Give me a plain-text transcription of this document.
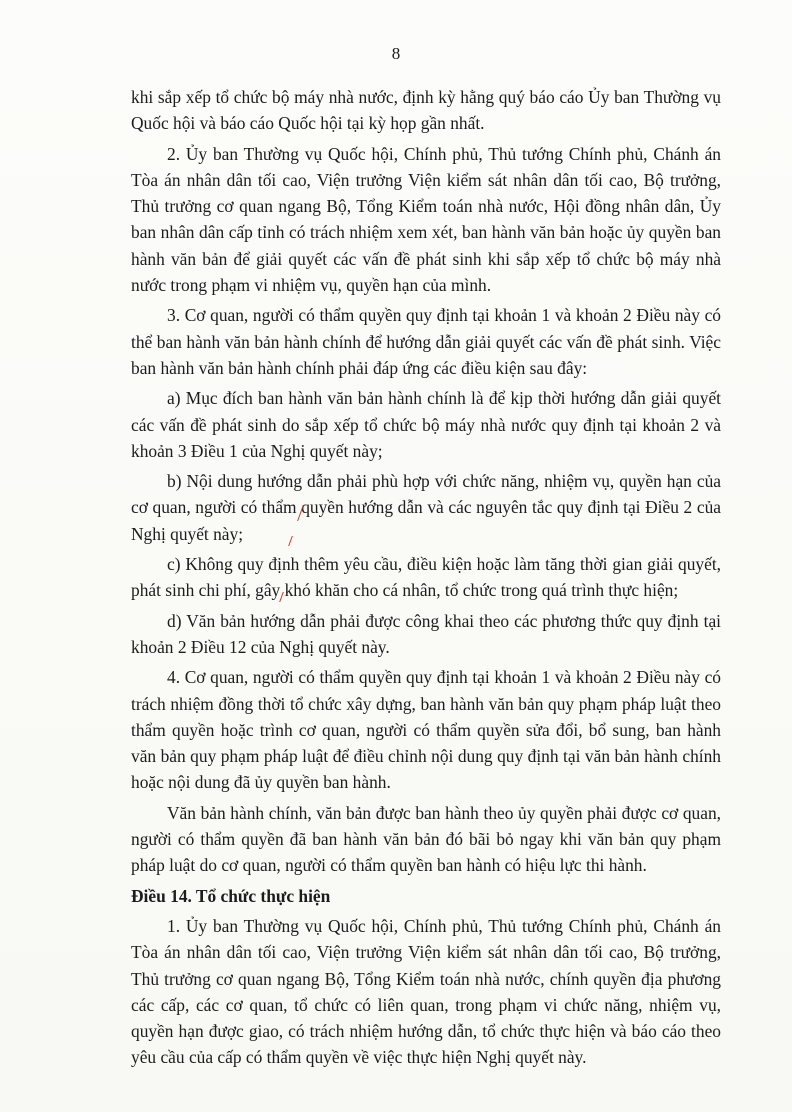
8

khi sắp xếp tổ chức bộ máy nhà nước, định kỳ hằng quý báo cáo Ủy ban Thường vụ Quốc hội và báo cáo Quốc hội tại kỳ họp gần nhất.

2. Ủy ban Thường vụ Quốc hội, Chính phủ, Thủ tướng Chính phủ, Chánh án Tòa án nhân dân tối cao, Viện trưởng Viện kiểm sát nhân dân tối cao, Bộ trưởng, Thủ trưởng cơ quan ngang Bộ, Tổng Kiểm toán nhà nước, Hội đồng nhân dân, Ủy ban nhân dân cấp tỉnh có trách nhiệm xem xét, ban hành văn bản hoặc ủy quyền ban hành văn bản để giải quyết các vấn đề phát sinh khi sắp xếp tổ chức bộ máy nhà nước trong phạm vi nhiệm vụ, quyền hạn của mình.

3. Cơ quan, người có thẩm quyền quy định tại khoản 1 và khoản 2 Điều này có thể ban hành văn bản hành chính để hướng dẫn giải quyết các vấn đề phát sinh. Việc ban hành văn bản hành chính phải đáp ứng các điều kiện sau đây:

a) Mục đích ban hành văn bản hành chính là để kịp thời hướng dẫn giải quyết các vấn đề phát sinh do sắp xếp tổ chức bộ máy nhà nước quy định tại khoản 2 và khoản 3 Điều 1 của Nghị quyết này;

b) Nội dung hướng dẫn phải phù hợp với chức năng, nhiệm vụ, quyền hạn của cơ quan, người có thẩm quyền hướng dẫn và các nguyên tắc quy định tại Điều 2 của Nghị quyết này;

c) Không quy định thêm yêu cầu, điều kiện hoặc làm tăng thời gian giải quyết, phát sinh chi phí, gây khó khăn cho cá nhân, tổ chức trong quá trình thực hiện;

d) Văn bản hướng dẫn phải được công khai theo các phương thức quy định tại khoản 2 Điều 12 của Nghị quyết này.

4. Cơ quan, người có thẩm quyền quy định tại khoản 1 và khoản 2 Điều này có trách nhiệm đồng thời tổ chức xây dựng, ban hành văn bản quy phạm pháp luật theo thẩm quyền hoặc trình cơ quan, người có thẩm quyền sửa đổi, bổ sung, ban hành văn bản quy phạm pháp luật để điều chỉnh nội dung quy định tại văn bản hành chính hoặc nội dung đã ủy quyền ban hành.

Văn bản hành chính, văn bản được ban hành theo ủy quyền phải được cơ quan, người có thẩm quyền đã ban hành văn bản đó bãi bỏ ngay khi văn bản quy phạm pháp luật do cơ quan, người có thẩm quyền ban hành có hiệu lực thi hành.

Điều 14. Tổ chức thực hiện

1. Ủy ban Thường vụ Quốc hội, Chính phủ, Thủ tướng Chính phủ, Chánh án Tòa án nhân dân tối cao, Viện trưởng Viện kiểm sát nhân dân tối cao, Bộ trưởng, Thủ trưởng cơ quan ngang Bộ, Tổng Kiểm toán nhà nước, chính quyền địa phương các cấp, các cơ quan, tổ chức có liên quan, trong phạm vi chức năng, nhiệm vụ, quyền hạn được giao, có trách nhiệm hướng dẫn, tổ chức thực hiện và báo cáo theo yêu cầu của cấp có thẩm quyền về việc thực hiện Nghị quyết này.
